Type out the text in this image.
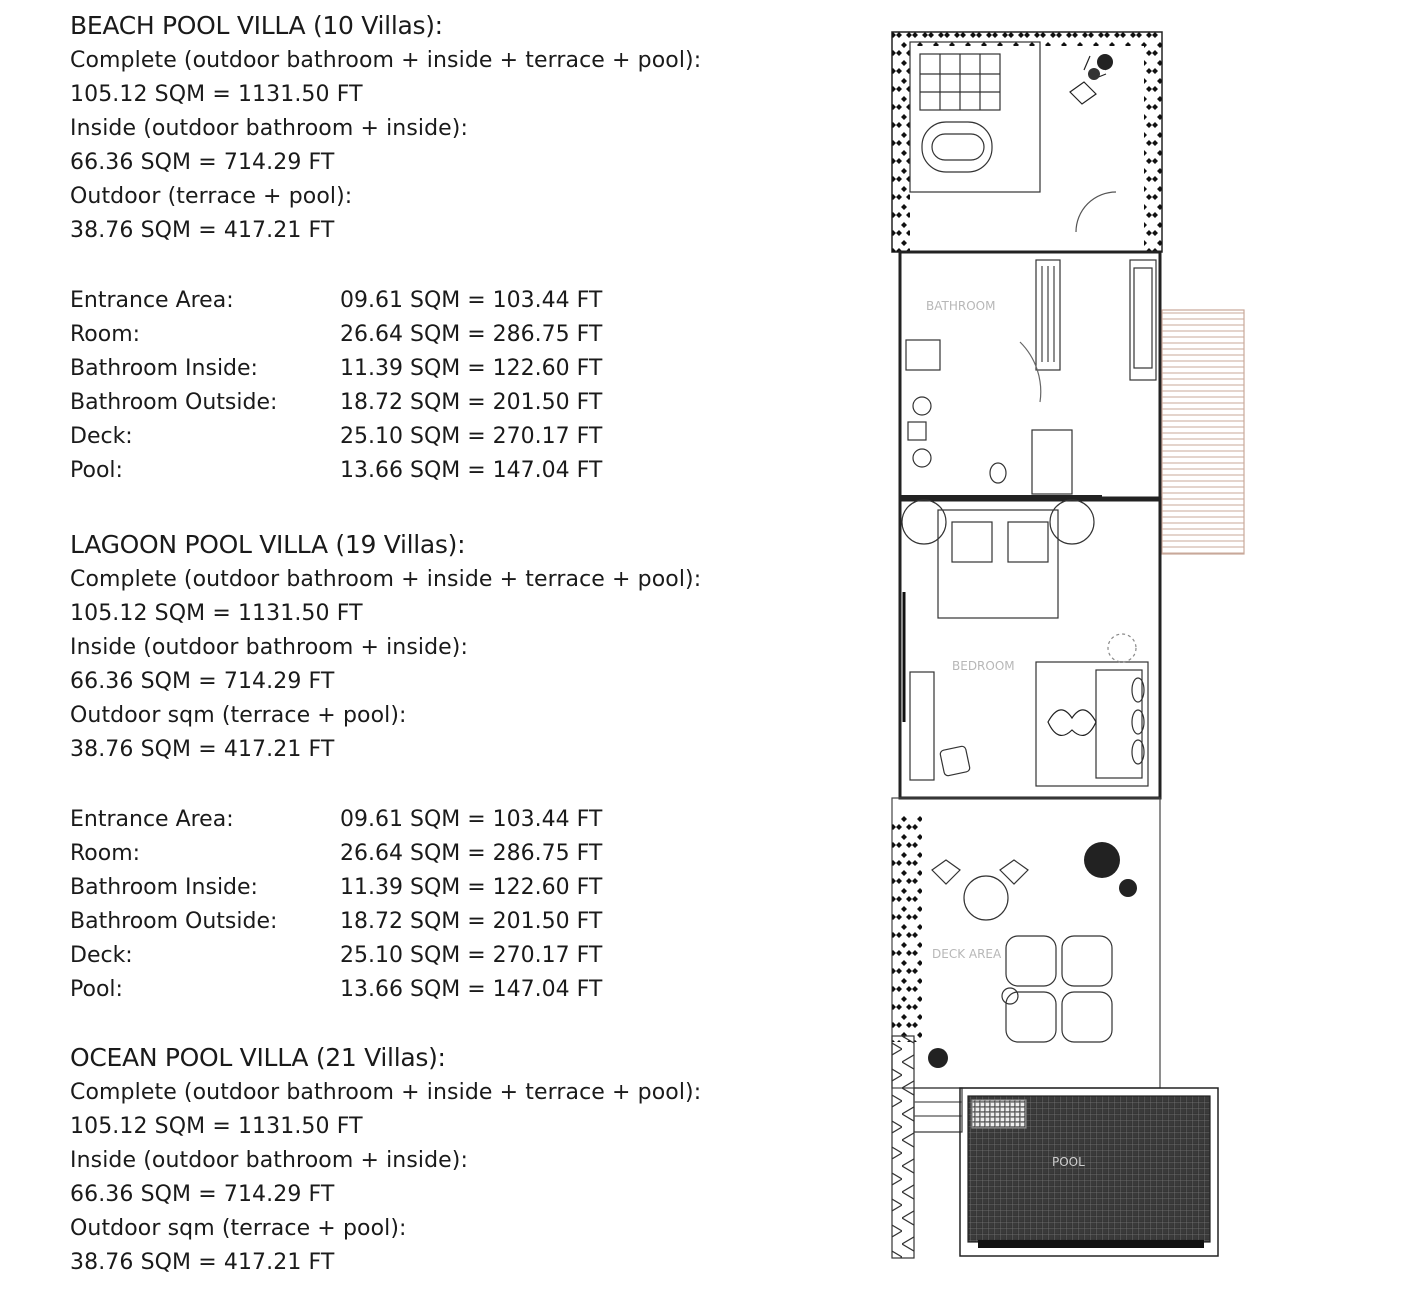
BEACH POOL VILLA (10 Villas):
Complete (outdoor bathroom + inside + terrace + pool):
105.12 SQM = 1131.50 FT
Inside (outdoor bathroom + inside):
66.36 SQM = 714.29 FT
Outdoor (terrace + pool):
38.76 SQM = 417.21 FT
Entrance Area:	09.61 SQM = 103.44 FT
Room:	26.64 SQM = 286.75 FT
Bathroom Inside:	11.39 SQM = 122.60 FT
Bathroom Outside:	18.72 SQM = 201.50 FT
Deck:	25.10 SQM = 270.17 FT
Pool:	13.66 SQM = 147.04 FT
LAGOON POOL VILLA (19 Villas):
Complete (outdoor bathroom + inside + terrace + pool):
105.12 SQM = 1131.50 FT
Inside (outdoor bathroom + inside):
66.36 SQM = 714.29 FT
Outdoor sqm (terrace + pool):
38.76 SQM = 417.21 FT
Entrance Area:	09.61 SQM = 103.44 FT
Room:	26.64 SQM = 286.75 FT
Bathroom Inside:	11.39 SQM = 122.60 FT
Bathroom Outside:	18.72 SQM = 201.50 FT
Deck:	25.10 SQM = 270.17 FT
Pool:	13.66 SQM = 147.04 FT
OCEAN POOL VILLA (21 Villas):
Complete (outdoor bathroom + inside + terrace + pool):
105.12 SQM = 1131.50 FT
Inside (outdoor bathroom + inside):
66.36 SQM = 714.29 FT
Outdoor sqm (terrace + pool):
38.76 SQM = 417.21 FT
BATHROOM
BEDROOM
DECK AREA
POOL
